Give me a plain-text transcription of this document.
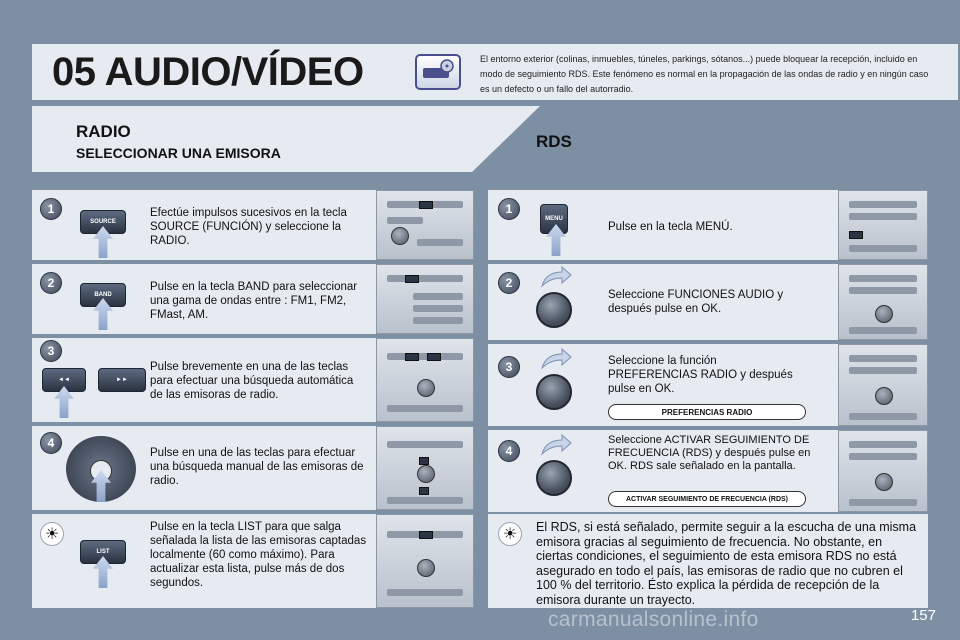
05 AUDIO/VÍDEO	El entorno exterior (colinas, inmuebles, túneles, parkings, sótanos...) puede bloquear la recepción, incluido en modo de seguimiento RDS. Este fenómeno es normal en la propagación de las ondas de radio y en ningún caso es un defecto o un fallo del autorradio.
RADIO
SELECCIONAR UNA EMISORA
RDS
1
SOURCE
Efectúe impulsos sucesivos en la tecla SOURCE (FUNCIÓN) y seleccione la RADIO.
2
BAND
Pulse en la tecla BAND para seleccionar una gama de ondas entre : FM1, FM2, FMast, AM.
3
◄◄	►►
Pulse brevemente en una de las teclas para efectuar una búsqueda automática de las emisoras de radio.
4
Pulse en una de las teclas para efectuar una búsqueda manual de las emisoras de radio.
☀
LIST
Pulse en la tecla LIST para que salga señalada la lista de las emisoras captadas localmente (60 como máximo). Para actualizar esta lista, pulse más de dos segundos.
1
MENU
Pulse en la tecla MENÚ.
2
Seleccione FUNCIONES AUDIO y después pulse en OK.
3	Seleccione la función PREFERENCIAS RADIO y después pulse en OK.
PREFERENCIAS RADIO
4
Seleccione ACTIVAR SEGUIMIENTO DE FRECUENCIA (RDS) y después pulse en OK. RDS sale señalado en la pantalla.
ACTIVAR SEGUIMIENTO DE FRECUENCIA (RDS)
☀	El RDS, si está señalado, permite seguir a la escucha de una misma emisora gracias al seguimiento de frecuencia. No obstante, en ciertas condiciones, el seguimiento de esta emisora RDS no está asegurado en todo el país, las emisoras de radio que no cubren el 100 % del territorio. Ésto explica la pérdida de recepción de la emisora durante un trayecto.
157
carmanualsonline.info
